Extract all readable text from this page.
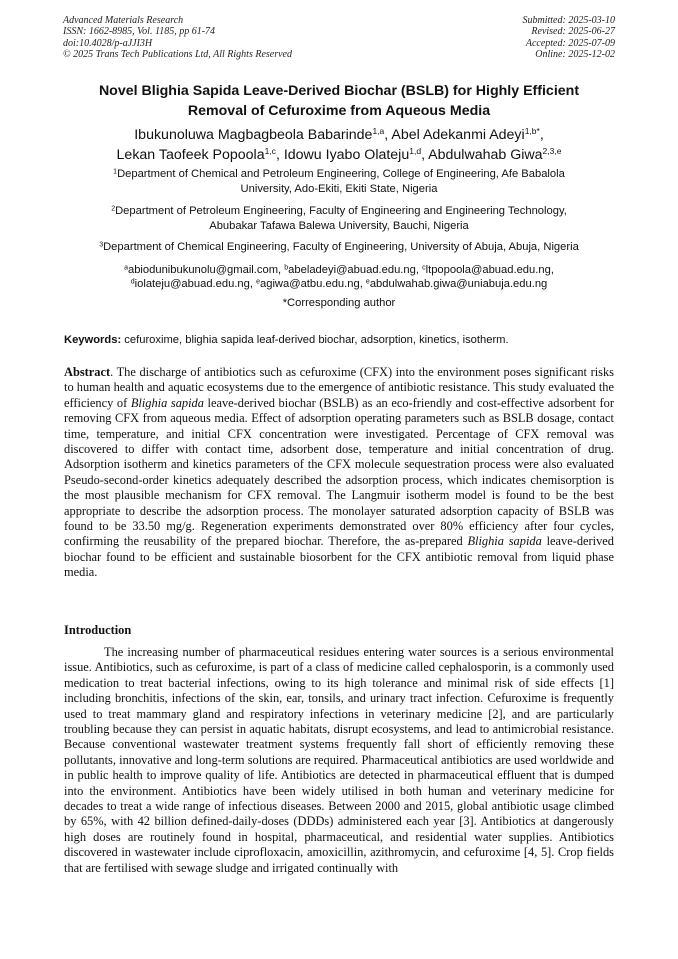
Advanced Materials Research
ISSN: 1662-8985, Vol. 1185, pp 61-74
doi:10.4028/p-aJJI3H
© 2025 Trans Tech Publications Ltd, All Rights Reserved
Submitted: 2025-03-10
Revised: 2025-06-27
Accepted: 2025-07-09
Online: 2025-12-02
Novel Blighia Sapida Leave-Derived Biochar (BSLB) for Highly Efficient
Removal of Cefuroxime from Aqueous Media
Ibukunoluwa Magbagbeola Babarinde$^{1,a}$, Abel Adekanmi Adeyi$^{1,b*}$,
Lekan Taofeek Popoola$^{1,c}$, Idowu Iyabo Olateju$^{1,d}$, Abdulwahab Giwa$^{2,3,e}$
$^1$Department of Chemical and Petroleum Engineering, College of Engineering, Afe Babalola
University, Ado-Ekiti, Ekiti State, Nigeria
$^2$Department of Petroleum Engineering, Faculty of Engineering and Engineering Technology,
Abubakar Tafawa Balewa University, Bauchi, Nigeria
$^3$Department of Chemical Engineering, Faculty of Engineering, University of Abuja, Abuja, Nigeria
$^a$abiodunibukunolu@gmail.com, $^b$abeladeyi@abuad.edu.ng, $^c$ltpopoola@abuad.edu.ng,
$^d$iolateju@abuad.edu.ng, $^e$agiwa@atbu.edu.ng, $^e$abdulwahab.giwa@uniabuja.edu.ng
*Corresponding author
Keywords: cefuroxime, blighia sapida leaf-derived biochar, adsorption, kinetics, isotherm.
Abstract. The discharge of antibiotics such as cefuroxime (CFX) into the environment poses significant risks to human health and aquatic ecosystems due to the emergence of antibiotic resistance. This study evaluated the efficiency of Blighia sapida leave-derived biochar (BSLB) as an eco-friendly and cost-effective adsorbent for removing CFX from aqueous media. Effect of adsorption operating parameters such as BSLB dosage, contact time, temperature, and initial CFX concentration were investigated. Percentage of CFX removal was discovered to differ with contact time, adsorbent dose, temperature and initial concentration of drug. Adsorption isotherm and kinetics parameters of the CFX molecule sequestration process were also evaluated Pseudo-second-order kinetics adequately described the adsorption process, which indicates chemisorption is the most plausible mechanism for CFX removal. The Langmuir isotherm model is found to be the best appropriate to describe the adsorption process. The monolayer saturated adsorption capacity of BSLB was found to be 33.50 mg/g. Regeneration experiments demonstrated over 80% efficiency after four cycles, confirming the reusability of the prepared biochar. Therefore, the as-prepared Blighia sapida leave-derived biochar found to be efficient and sustainable biosorbent for the CFX antibiotic removal from liquid phase media.
Introduction
The increasing number of pharmaceutical residues entering water sources is a serious environmental issue. Antibiotics, such as cefuroxime, is part of a class of medicine called cephalosporin, is a commonly used medication to treat bacterial infections, owing to its high tolerance and minimal risk of side effects [1] including bronchitis, infections of the skin, ear, tonsils, and urinary tract infection. Cefuroxime is frequently used to treat mammary gland and respiratory infections in veterinary medicine [2], and are particularly troubling because they can persist in aquatic habitats, disrupt ecosystems, and lead to antimicrobial resistance. Because conventional wastewater treatment systems frequently fall short of efficiently removing these pollutants, innovative and long-term solutions are required. Pharmaceutical antibiotics are used worldwide and in public health to improve quality of life. Antibiotics are detected in pharmaceutical effluent that is dumped into the environment. Antibiotics have been widely utilised in both human and veterinary medicine for decades to treat a wide range of infectious diseases. Between 2000 and 2015, global antibiotic usage climbed by 65%, with 42 billion defined-daily-doses (DDDs) administered each year [3]. Antibiotics at dangerously high doses are routinely found in hospital, pharmaceutical, and residential water supplies. Antibiotics discovered in wastewater include ciprofloxacin, amoxicillin, azithromycin, and cefuroxime [4, 5]. Crop fields that are fertilised with sewage sludge and irrigated continually with
